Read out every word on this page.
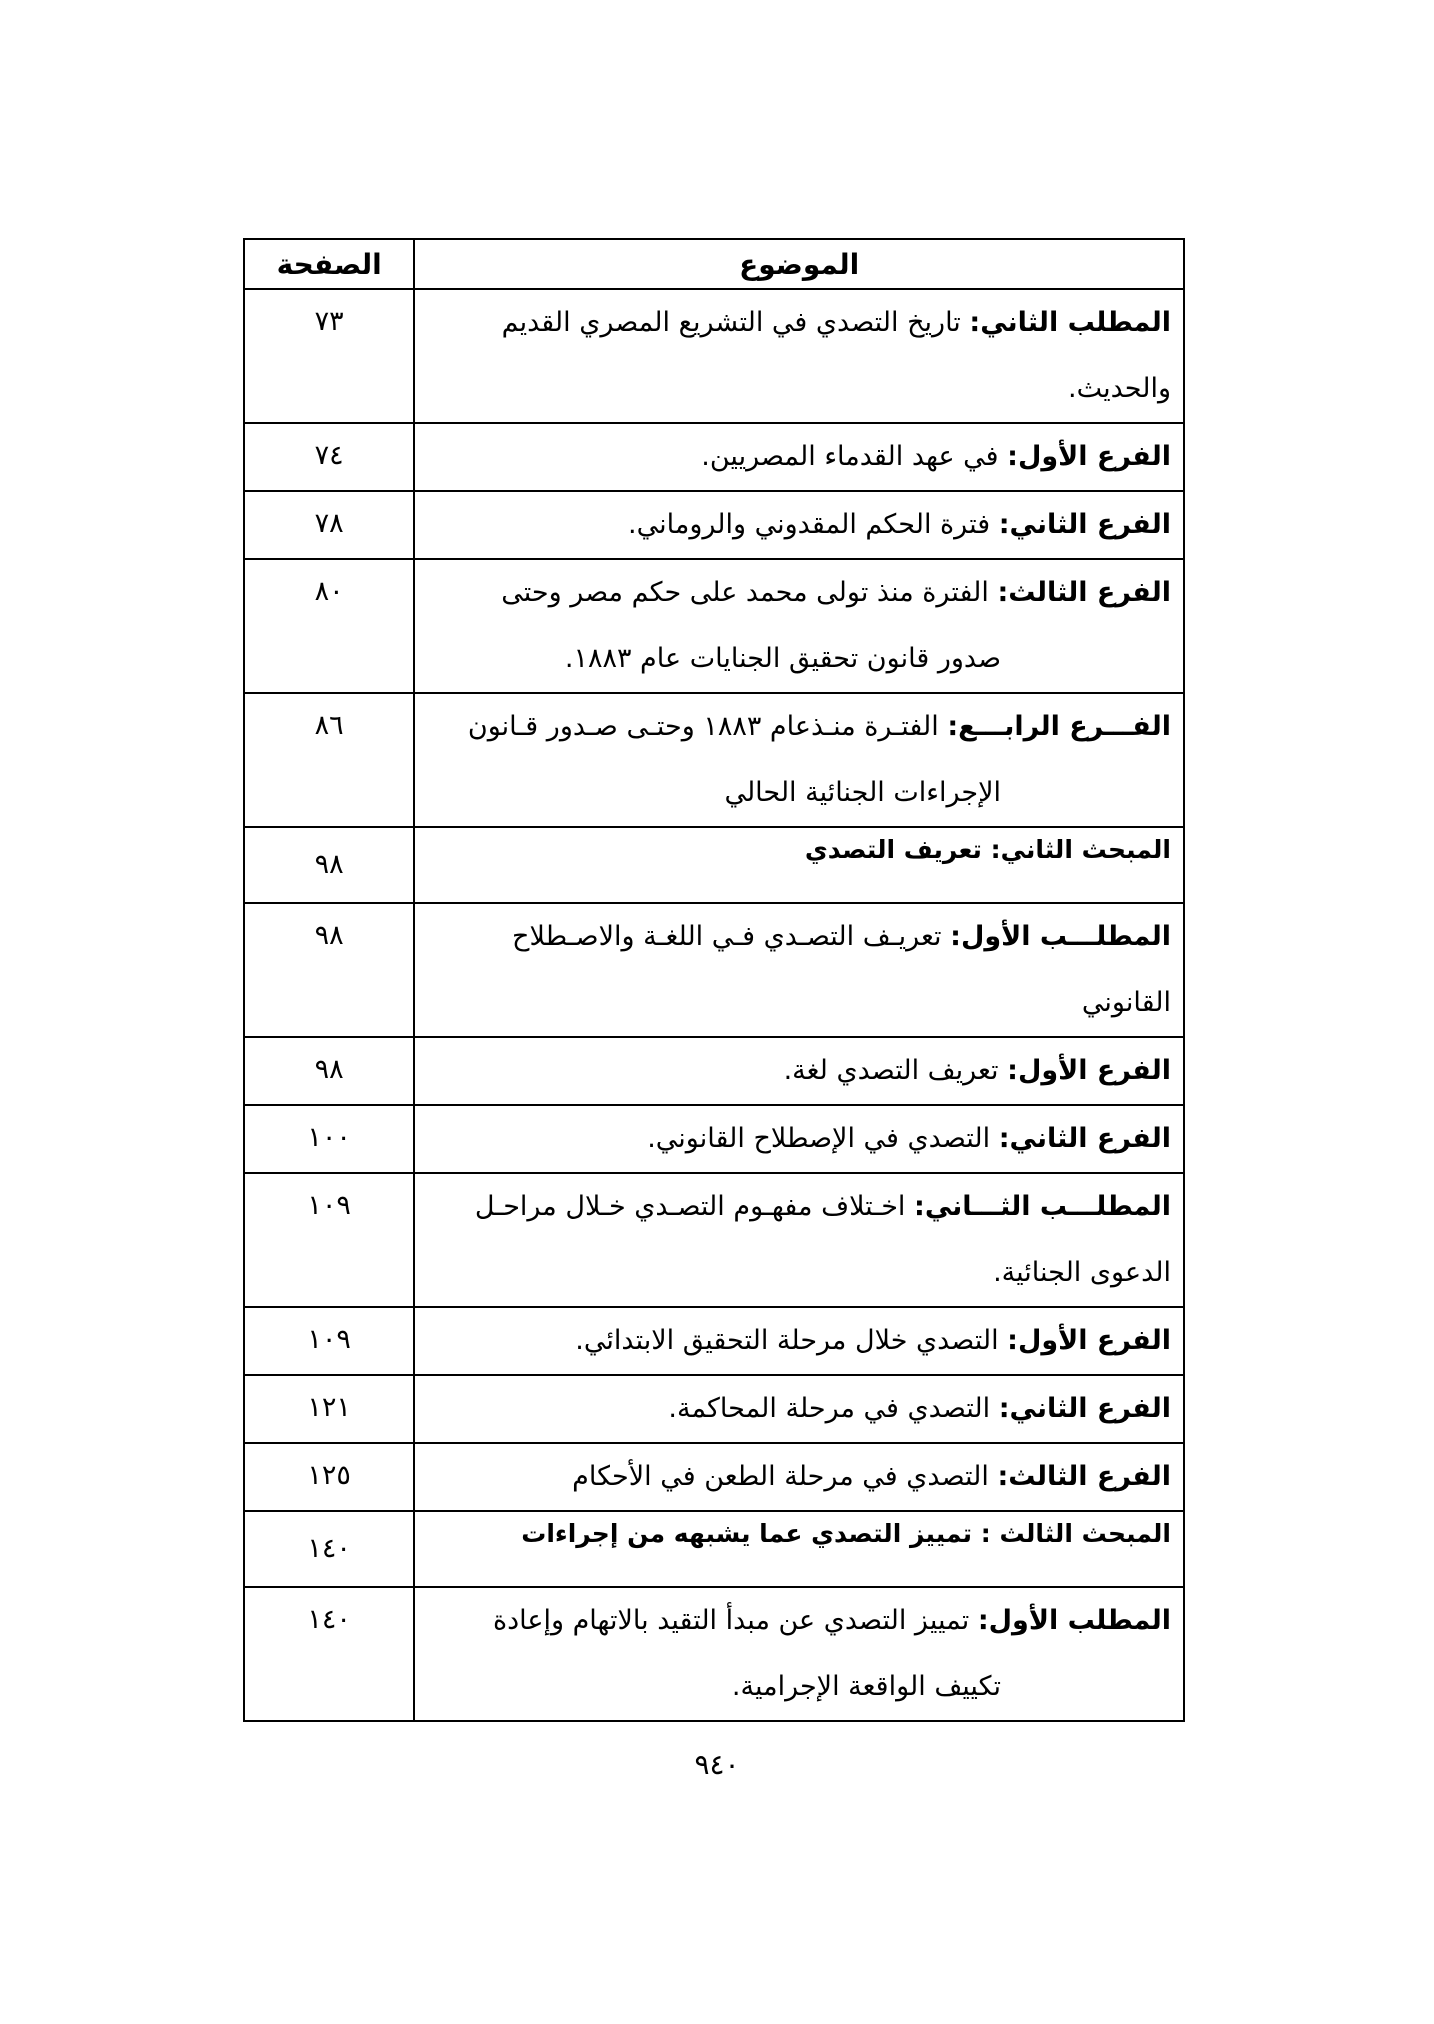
الموضوع	الصفحة
المطلب الثاني: تاريخ التصدي في التشريع المصري القديم
والحديث.	٧٣
الفرع الأول: في عهد القدماء المصريين.	٧٤
الفرع الثاني: فترة الحكم المقدوني والروماني.	٧٨
الفرع الثالث: الفترة منذ تولى محمد على حكم مصر وحتى
صدور قانون تحقيق الجنايات عام ١٨٨٣.	٨٠
الفـــرع الرابـــع: الفتـرة منـذعام ١٨٨٣ وحتـى صـدور قـانون
الإجراءات الجنائية الحالي	٨٦
المبحث الثاني: تعريف التصدي	٩٨
المطلـــب الأول: تعريـف التصـدي فـي اللغـة والاصـطلاح
القانوني	٩٨
الفرع الأول: تعريف التصدي لغة.	٩٨
الفرع الثاني: التصدي في الإصطلاح القانوني.	١٠٠
المطلـــب الثـــاني: اخـتلاف مفهـوم التصـدي خـلال مراحـل
الدعوى الجنائية.	١٠٩
الفرع الأول: التصدي خلال مرحلة التحقيق الابتدائي.	١٠٩
الفرع الثاني: التصدي في مرحلة المحاكمة.	١٢١
الفرع الثالث: التصدي في مرحلة الطعن في الأحكام	١٢٥
المبحث الثالث : تمييز التصدي عما يشبهه من إجراءات	١٤٠
المطلب الأول: تمييز التصدي عن مبدأ التقيد بالاتهام وإعادة
تكييف الواقعة الإجرامية.	١٤٠
٩٤٠
